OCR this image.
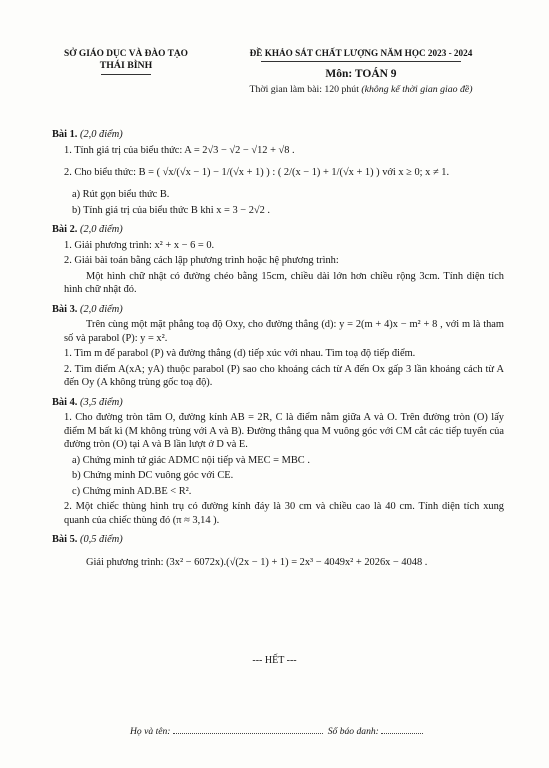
SỞ GIÁO DỤC VÀ ĐÀO TẠO
THÁI BÌNH
ĐỀ KHẢO SÁT CHẤT LƯỢNG NĂM HỌC 2023 - 2024
Môn: TOÁN 9
Thời gian làm bài: 120 phút (không kể thời gian giao đề)
Bài 1. (2,0 điểm)
1. Tính giá trị của biểu thức: A = 2√3 − √2 − √12 + √8 .
2. Cho biểu thức: B = ( √x/(√x − 1) − 1/(√x + 1) ) : ( 2/(x − 1) + 1/(√x + 1) ) với x ≥ 0; x ≠ 1.
a) Rút gọn biểu thức B.
b) Tính giá trị của biểu thức B khi x = 3 − 2√2 .
Bài 2. (2,0 điểm)
1. Giải phương trình: x² + x − 6 = 0.
2. Giải bài toán bằng cách lập phương trình hoặc hệ phương trình:
Một hình chữ nhật có đường chéo bằng 15cm, chiều dài lớn hơn chiều rộng 3cm. Tính diện tích hình chữ nhật đó.
Bài 3. (2,0 điểm)
Trên cùng một mặt phẳng toạ độ Oxy, cho đường thẳng (d): y = 2(m + 4)x − m² + 8 , với m là tham số và parabol (P): y = x².
1. Tìm m để parabol (P) và đường thẳng (d) tiếp xúc với nhau. Tìm toạ độ tiếp điểm.
2. Tìm điểm A(xA; yA) thuộc parabol (P) sao cho khoảng cách từ A đến Ox gấp 3 lần khoảng cách từ A đến Oy (A không trùng gốc toạ độ).
Bài 4. (3,5 điểm)
1. Cho đường tròn tâm O, đường kính AB = 2R, C là điểm nằm giữa A và O. Trên đường tròn (O) lấy điểm M bất kì (M không trùng với A và B). Đường thẳng qua M vuông góc với CM cắt các tiếp tuyến của đường tròn (O) tại A và B lần lượt ở D và E.
a) Chứng minh tứ giác ADMC nội tiếp và MEC = MBC .
b) Chứng minh DC vuông góc với CE.
c) Chứng minh AD.BE < R².
2. Một chiếc thùng hình trụ có đường kính đáy là 30 cm và chiều cao là 40 cm. Tính diện tích xung quanh của chiếc thùng đó (π ≈ 3,14 ).
Bài 5. (0,5 điểm)
Giải phương trình: (3x² − 6072x).(√(2x − 1) + 1) = 2x³ − 4049x² + 2026x − 4048 .
--- HẾT ---
Họ và tên:	Số báo danh:
